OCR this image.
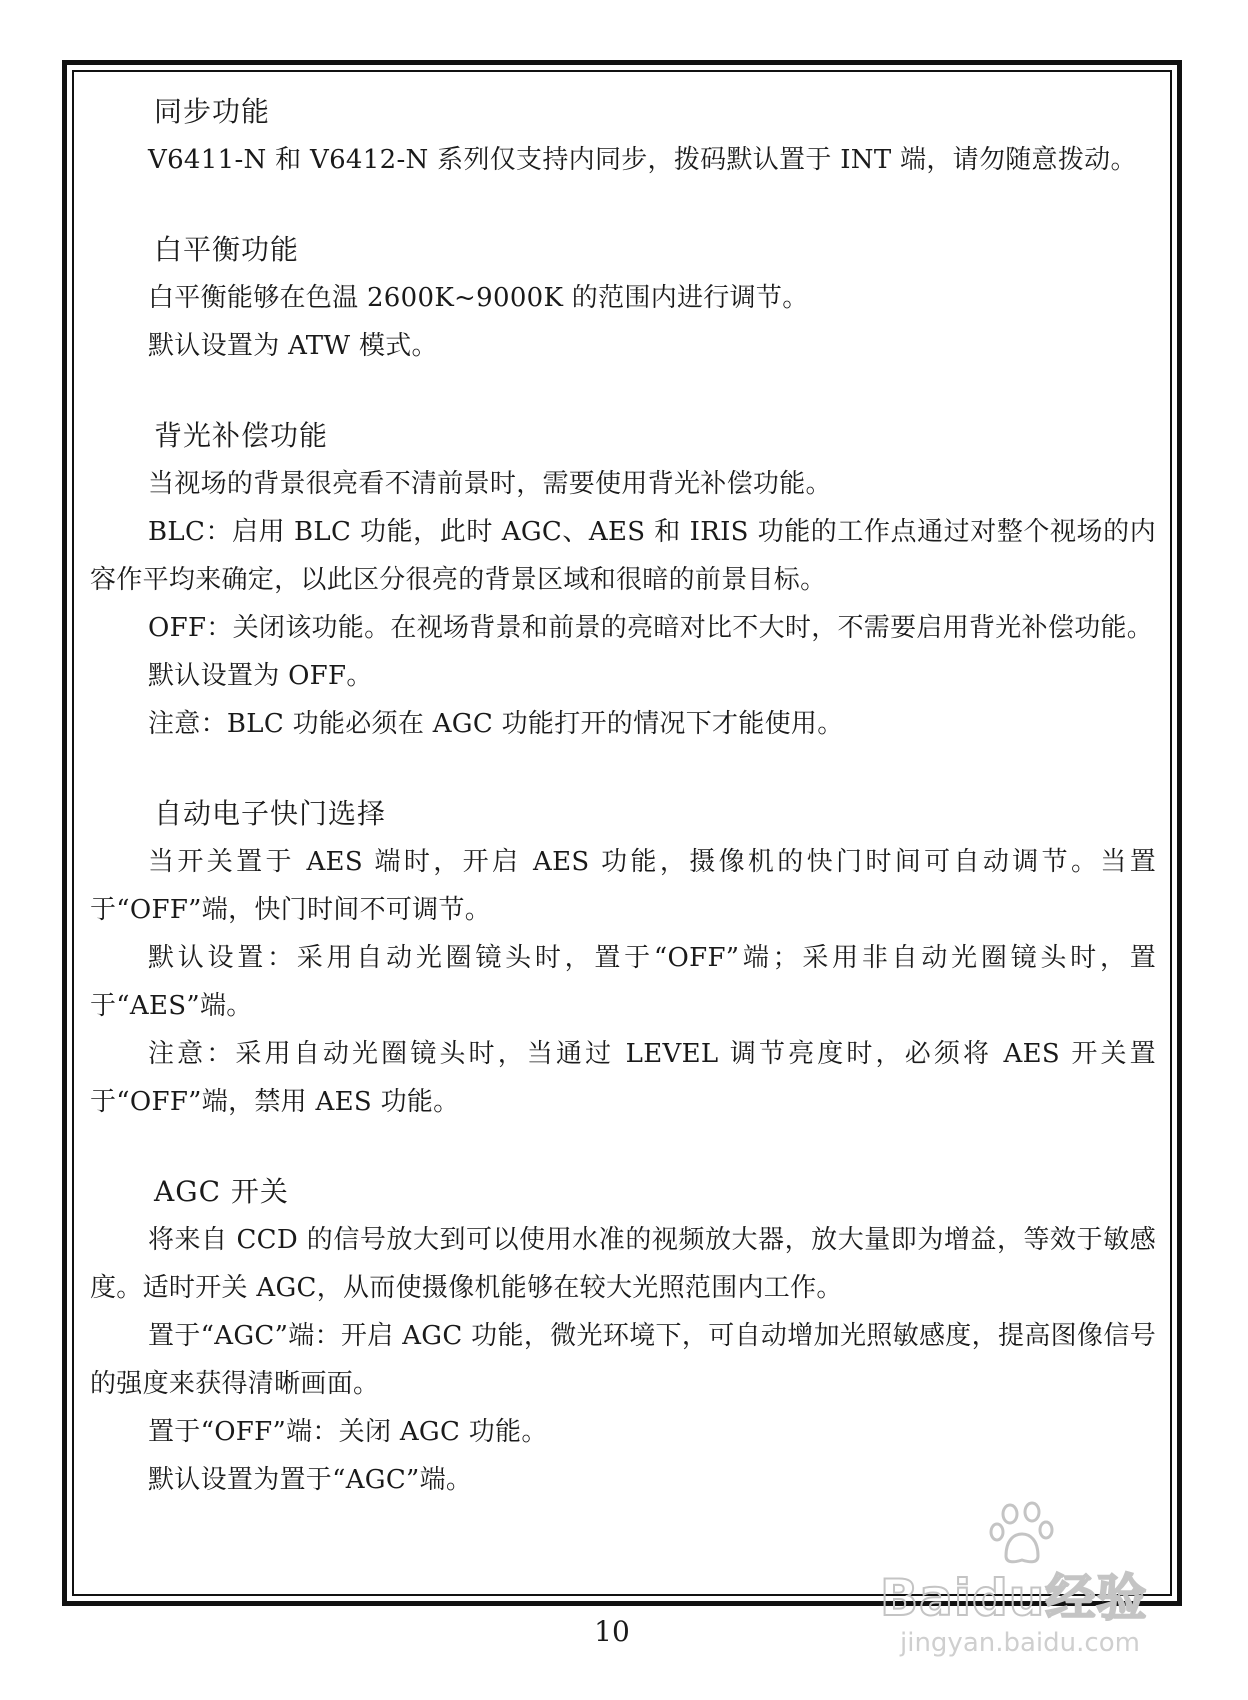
同步功能

V6411-N 和 V6412-N 系列仅支持内同步，拨码默认置于 INT 端，请勿随意拨动。

白平衡功能

白平衡能够在色温 2600K~9000K 的范围内进行调节。

默认设置为 ATW 模式。

背光补偿功能

当视场的背景很亮看不清前景时，需要使用背光补偿功能。

BLC：启用 BLC 功能，此时 AGC、AES 和 IRIS 功能的工作点通过对整个视场的内容作平均来确定，以此区分很亮的背景区域和很暗的前景目标。

OFF：关闭该功能。在视场背景和前景的亮暗对比不大时，不需要启用背光补偿功能。

默认设置为 OFF。

注意：BLC 功能必须在 AGC 功能打开的情况下才能使用。

自动电子快门选择

当开关置于 AES 端时，开启 AES 功能，摄像机的快门时间可自动调节。当置于“OFF”端，快门时间不可调节。

默认设置：采用自动光圈镜头时，置于“OFF”端；采用非自动光圈镜头时，置于“AES”端。

注意：采用自动光圈镜头时，当通过 LEVEL 调节亮度时，必须将 AES 开关置于“OFF”端，禁用 AES 功能。

AGC 开关

将来自 CCD 的信号放大到可以使用水准的视频放大器，放大量即为增益，等效于敏感度。适时开关 AGC，从而使摄像机能够在较大光照范围内工作。

置于“AGC”端：开启 AGC 功能，微光环境下，可自动增加光照敏感度，提高图像信号的强度来获得清晰画面。

置于“OFF”端：关闭 AGC 功能。

默认设置为置于“AGC”端。

10
Baidu经验
jingyan.baidu.com
